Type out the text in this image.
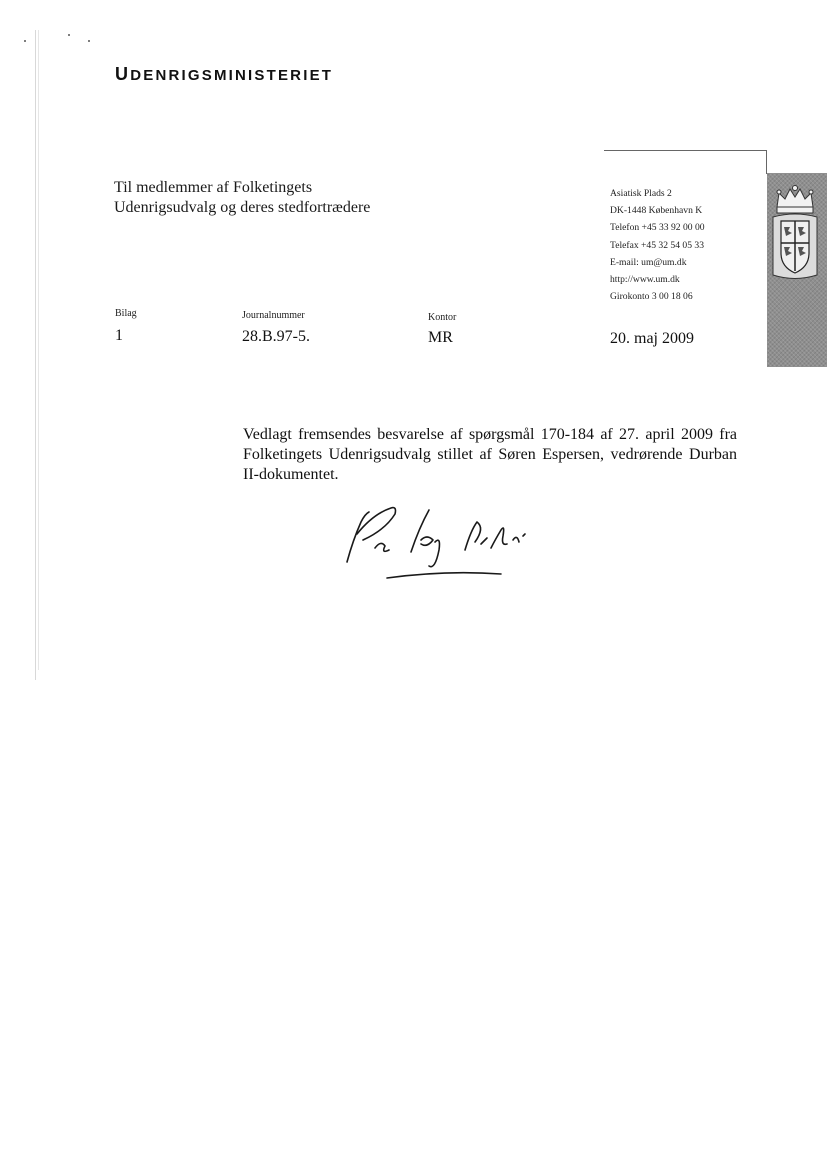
UDENRIGSMINISTERIET
Til medlemmer af Folketingets
Udenrigsudvalg og deres stedfortrædere
Asiatisk Plads 2
DK-1448 København K
Telefon +45 33 92 00 00
Telefax +45 32 54 05 33
E-mail: um@um.dk
http://www.um.dk
Girokonto 3 00 18 06
Bilag
1
Journalnummer
28.B.97-5.
Kontor
MR	20. maj 2009
Vedlagt fremsendes besvarelse af spørgsmål 170-184 af 27. april 2009 fra Folketingets Udenrigsudvalg stillet af Søren Espersen, vedrørende Durban II-dokumentet.
